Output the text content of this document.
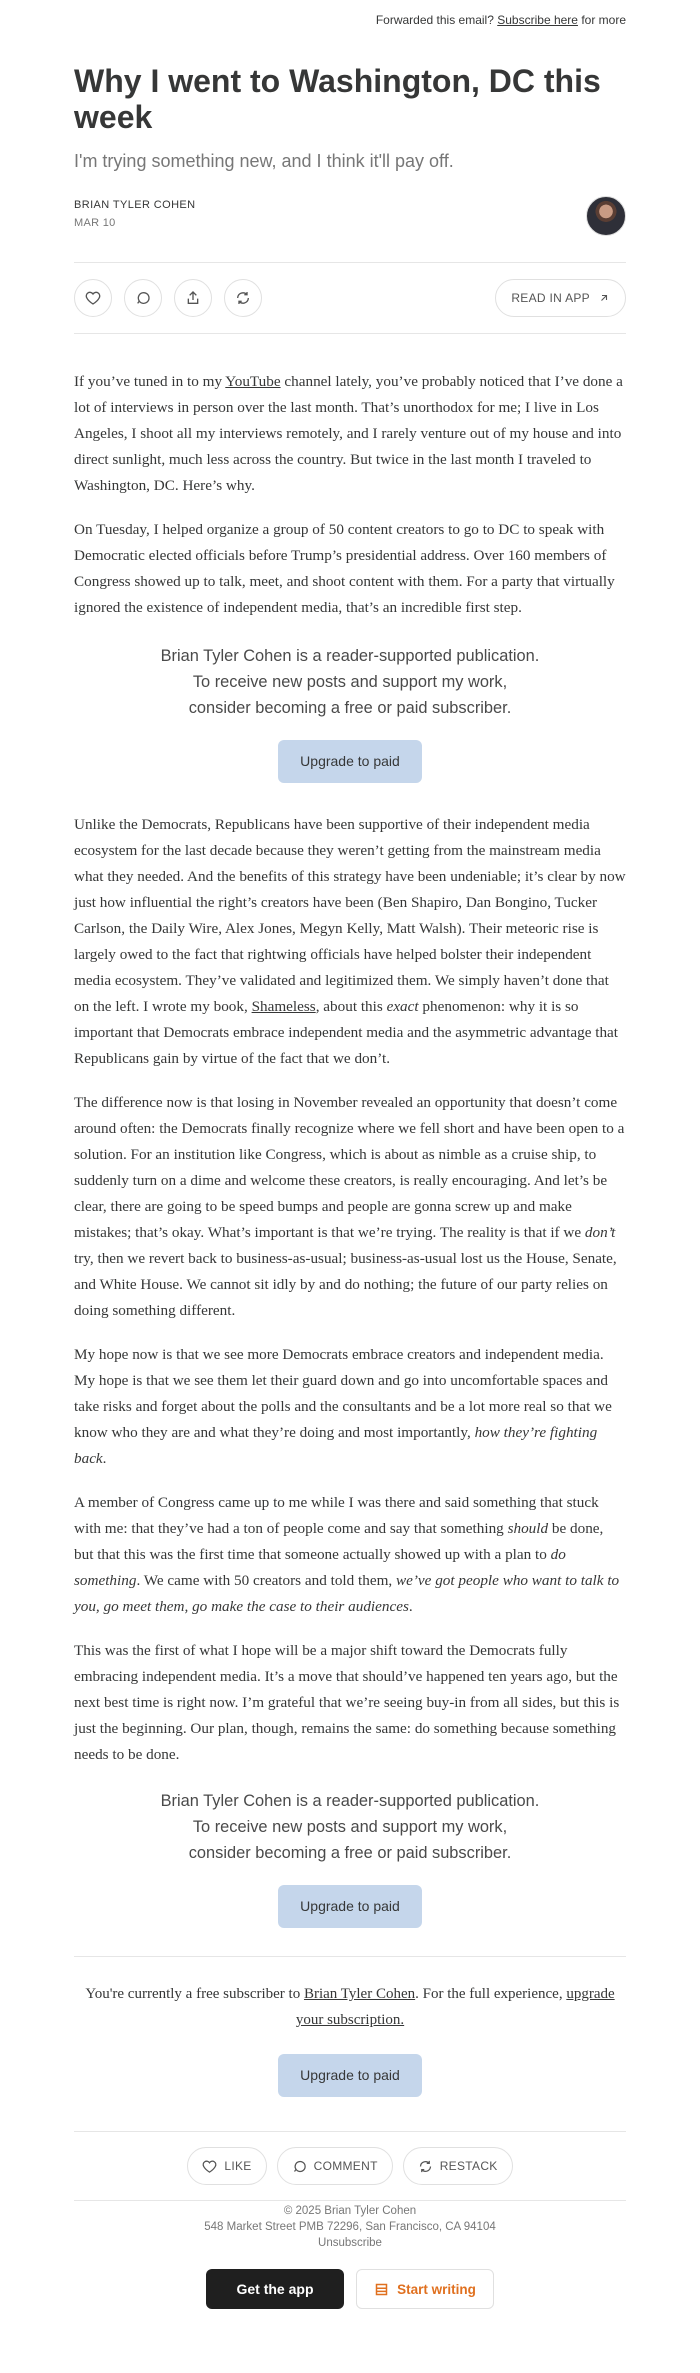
Forwarded this email? Subscribe here for more
Why I went to Washington, DC this week
I'm trying something new, and I think it'll pay off.
BRIAN TYLER COHEN
MAR 10
READ IN APP

If you’ve tuned in to my YouTube channel lately, you’ve probably noticed that I’ve done a lot of interviews in person over the last month. That’s unorthodox for me; I live in Los Angeles, I shoot all my interviews remotely, and I rarely venture out of my house and into direct sunlight, much less across the country. But twice in the last month I traveled to Washington, DC. Here’s why.

On Tuesday, I helped organize a group of 50 content creators to go to DC to speak with Democratic elected officials before Trump’s presidential address. Over 160 members of Congress showed up to talk, meet, and shoot content with them. For a party that virtually ignored the existence of independent media, that’s an incredible first step.

Brian Tyler Cohen is a reader-supported publication. To receive new posts and support my work, consider becoming a free or paid subscriber.
Upgrade to paid

Unlike the Democrats, Republicans have been supportive of their independent media ecosystem for the last decade because they weren’t getting from the mainstream media what they needed. And the benefits of this strategy have been undeniable; it’s clear by now just how influential the right’s creators have been (Ben Shapiro, Dan Bongino, Tucker Carlson, the Daily Wire, Alex Jones, Megyn Kelly, Matt Walsh). Their meteoric rise is largely owed to the fact that rightwing officials have helped bolster their independent media ecosystem. They’ve validated and legitimized them. We simply haven’t done that on the left. I wrote my book, Shameless, about this exact phenomenon: why it is so important that Democrats embrace independent media and the asymmetric advantage that Republicans gain by virtue of the fact that we don’t.

The difference now is that losing in November revealed an opportunity that doesn’t come around often: the Democrats finally recognize where we fell short and have been open to a solution. For an institution like Congress, which is about as nimble as a cruise ship, to suddenly turn on a dime and welcome these creators, is really encouraging. And let’s be clear, there are going to be speed bumps and people are gonna screw up and make mistakes; that’s okay. What’s important is that we’re trying. The reality is that if we don’t try, then we revert back to business-as-usual; business-as-usual lost us the House, Senate, and White House. We cannot sit idly by and do nothing; the future of our party relies on doing something different.

My hope now is that we see more Democrats embrace creators and independent media. My hope is that we see them let their guard down and go into uncomfortable spaces and take risks and forget about the polls and the consultants and be a lot more real so that we know who they are and what they’re doing and most importantly, how they’re fighting back.

A member of Congress came up to me while I was there and said something that stuck with me: that they’ve had a ton of people come and say that something should be done, but that this was the first time that someone actually showed up with a plan to do something. We came with 50 creators and told them, we’ve got people who want to talk to you, go meet them, go make the case to their audiences.

This was the first of what I hope will be a major shift toward the Democrats fully embracing independent media. It’s a move that should’ve happened ten years ago, but the next best time is right now. I’m grateful that we’re seeing buy-in from all sides, but this is just the beginning. Our plan, though, remains the same: do something because something needs to be done.

Brian Tyler Cohen is a reader-supported publication. To receive new posts and support my work, consider becoming a free or paid subscriber.
Upgrade to paid
You're currently a free subscriber to Brian Tyler Cohen. For the full experience, upgrade your subscription.
Upgrade to paid
LIKE	COMMENT	RESTACK
© 2025 Brian Tyler Cohen
548 Market Street PMB 72296, San Francisco, CA 94104
Unsubscribe
Get the app	Start writing
